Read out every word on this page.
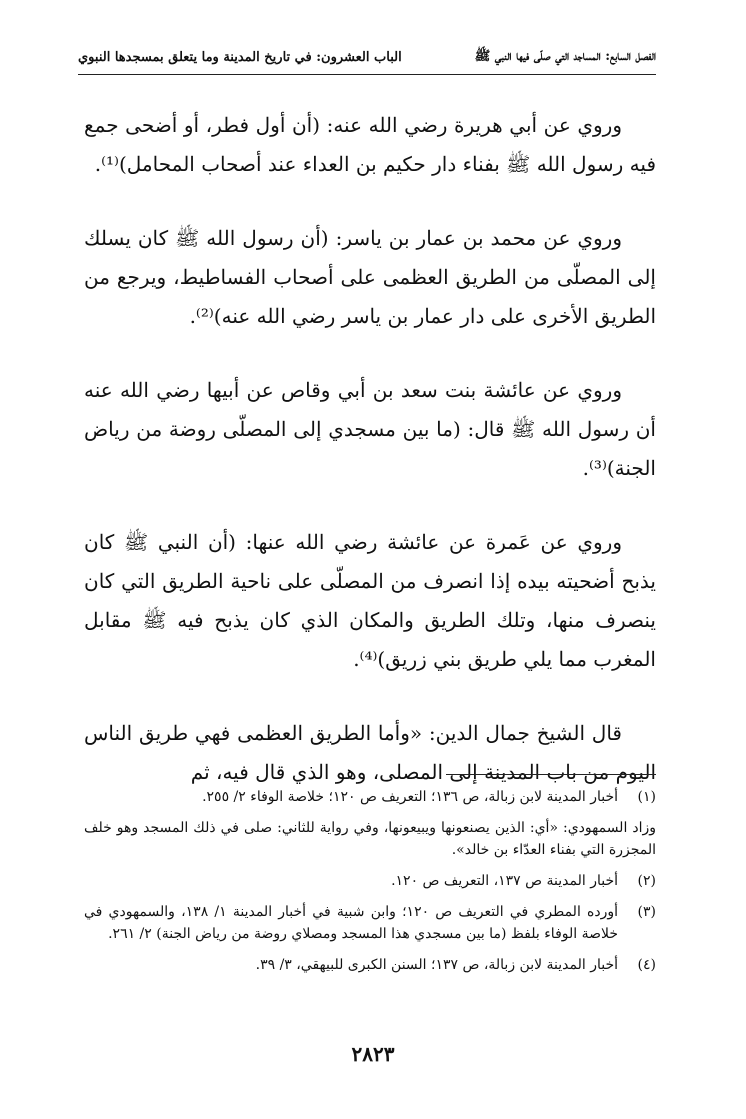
الفصل السابع: المساجد التي صلّى فيها النبي ﷺ
الباب العشرون: في تاريخ المدينة وما يتعلق بمسجدها النبوي

وروي عن أبي هريرة رضي الله عنه: (أن أول فطر، أو أضحى جمع فيه رسول الله ﷺ بفناء دار حكيم بن العداء عند أصحاب المحامل)⁽¹⁾.

وروي عن محمد بن عمار بن ياسر: (أن رسول الله ﷺ كان يسلك إلى المصلّى من الطريق العظمى على أصحاب الفساطيط، ويرجع من الطريق الأخرى على دار عمار بن ياسر رضي الله عنه)⁽²⁾.

وروي عن عائشة بنت سعد بن أبي وقاص عن أبيها رضي الله عنه أن رسول الله ﷺ قال: (ما بين مسجدي إلى المصلّى روضة من رياض الجنة)⁽³⁾.

وروي عن عَمرة عن عائشة رضي الله عنها: (أن النبي ﷺ كان يذبح أضحيته بيده إذا انصرف من المصلّى على ناحية الطريق التي كان ينصرف منها، وتلك الطريق والمكان الذي كان يذبح فيه ﷺ مقابل المغرب مما يلي طريق بني زريق)⁽⁴⁾.

قال الشيخ جمال الدين: «وأما الطريق العظمى فهي طريق الناس اليوم من باب المدينة إلى المصلى، وهو الذي قال فيه، ثم

(١)
أخبار المدينة لابن زبالة، ص ١٣٦؛ التعريف ص ١٢٠؛ خلاصة الوفاء ٢/ ٢٥٥.
وزاد السمهودي: «أي: الذين يصنعونها ويبيعونها، وفي رواية للثاني: صلى في ذلك المسجد وهو خلف المجزرة التي بفناء العدّاء بن خالد».
(٢)
أخبار المدينة ص ١٣٧، التعريف ص ١٢٠.
(٣)
أورده المطري في التعريف ص ١٢٠؛ وابن شبية في أخبار المدينة ١/ ١٣٨، والسمهودي في خلاصة الوفاء بلفظ (ما بين مسجدي هذا المسجد ومصلاي روضة من رياض الجنة) ٢/ ٢٦١.
(٤)
أخبار المدينة لابن زبالة، ص ١٣٧؛ السنن الكبرى للبيهقي، ٣/ ٣٩.
٢٨٢٣
